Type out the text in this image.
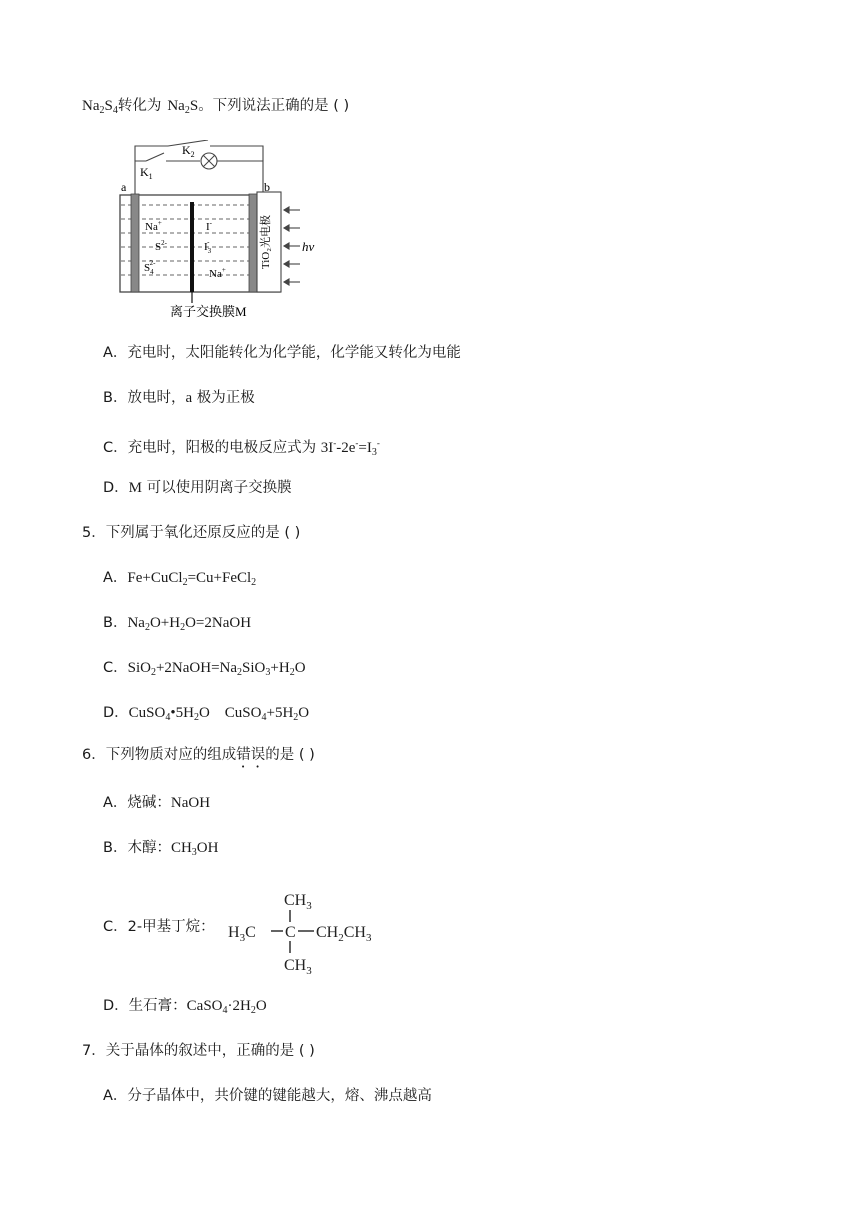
$Na_2S_4$转化为 $Na_2S$。下列说法正确的是 ( )
TiO₂光电极
$K_2$
$K_1$
a	b
Na+
$S^{2-}$
$S_42-$
I-
$I_3-$
Na+
hν
离子交换膜M
A．充电时，太阳能转化为化学能，化学能又转化为电能
B．放电时，a 极为正极
C．充电时，阳极的电极反应式为 $3I^--2e^-=I_3^-$
D．M 可以使用阴离子交换膜
5．下列属于氧化还原反应的是 ( )
A．Fe+CuCl$_2$=Cu+FeCl$_2$
B．$Na_2O+H_2O=2NaOH$
C．$SiO_2+2NaOH=Na_2SiO_3+H_2O$
D．$CuSO_4•5H_2O$    $CuSO_4+5H_2O$
6．下列物质对应的组成错误的是 ( )
A．烧碱：NaOH
B．木醇：$CH_3OH$
C．2-甲基丁烷：
$CH_3$
$H_3C$ C $CH_2CH_3$
$CH_3$
D．生石膏：$CaSO_4\cdot 2H_2O$
7．关于晶体的叙述中，正确的是 ( )
A．分子晶体中，共价键的键能越大，熔、沸点越高
